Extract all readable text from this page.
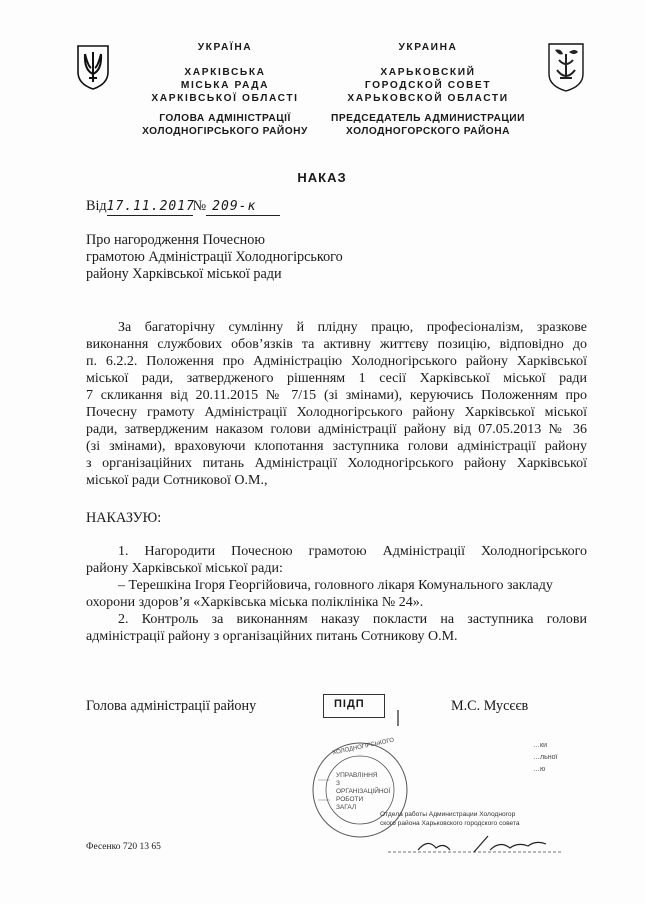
УКРАЇНА
ХАРКІВСЬКА
МІСЬКА РАДА
ХАРКІВСЬКОЇ ОБЛАСТІ
ГОЛОВА АДМІНІСТРАЦІЇ
ХОЛОДНОГІРСЬКОГО РАЙОНУ
УКРАИНА
ХАРЬКОВСКИЙ
ГОРОДСКОЙ СОВЕТ
ХАРЬКОВСКОЙ ОБЛАСТИ
ПРЕДСЕДАТЕЛЬ АДМИНИСТРАЦИИ
ХОЛОДНОГОРСКОГО РАЙОНА
НАКАЗ
Від17.11.2017№ 209-к
Про нагородження Почесною
грамотою Адміністрації Холодногірського
району Харківської міської ради
За багаторічну сумлінну й плідну працю, професіоналізм, зразкове
виконання службових обов’язків та активну життєву позицію, відповідно до
п. 6.2.2. Положення про Адміністрацію Холодногірського району Харківської
міської ради, затвердженого рішенням 1 сесії Харківської міської ради
7 скликання від 20.11.2015 № 7/15 (зі змінами), керуючись Положенням про
Почесну грамоту Адміністрації Холодногірського району Харківської міської
ради, затвердженим наказом голови адміністрації району від 07.05.2013 № 36
(зі змінами), враховуючи клопотання заступника голови адміністрації району
з організаційних питань Адміністрації Холодногірського району Харківської
міської ради Сотникової О.М.,
НАКАЗУЮ:
1. Нагородити Почесною грамотою Адміністрації Холодногірського
району Харківської міської ради:
– Терешкіна Ігоря Георгійовича, головного лікаря Комунального закладу
охорони здоров’я «Харківська міська поліклініка № 24».
2. Контроль за виконанням наказу покласти на заступника голови
адміністрації району з організаційних питань Сотникову О.М.
Голова адміністрації району	М.С. Мусєєв
ПІДП
ХОЛОДНОГІРСЬКОГО
УПРАВЛІННЯ
З ОРГАНІЗАЦІЙНОЇ
РОБОТИ
ЗАГАЛ
…ки
…льної
…ю
Отдела работы Администрации Холодногор
ского района Харьковского городского совета
Фесенко 720 13 65
